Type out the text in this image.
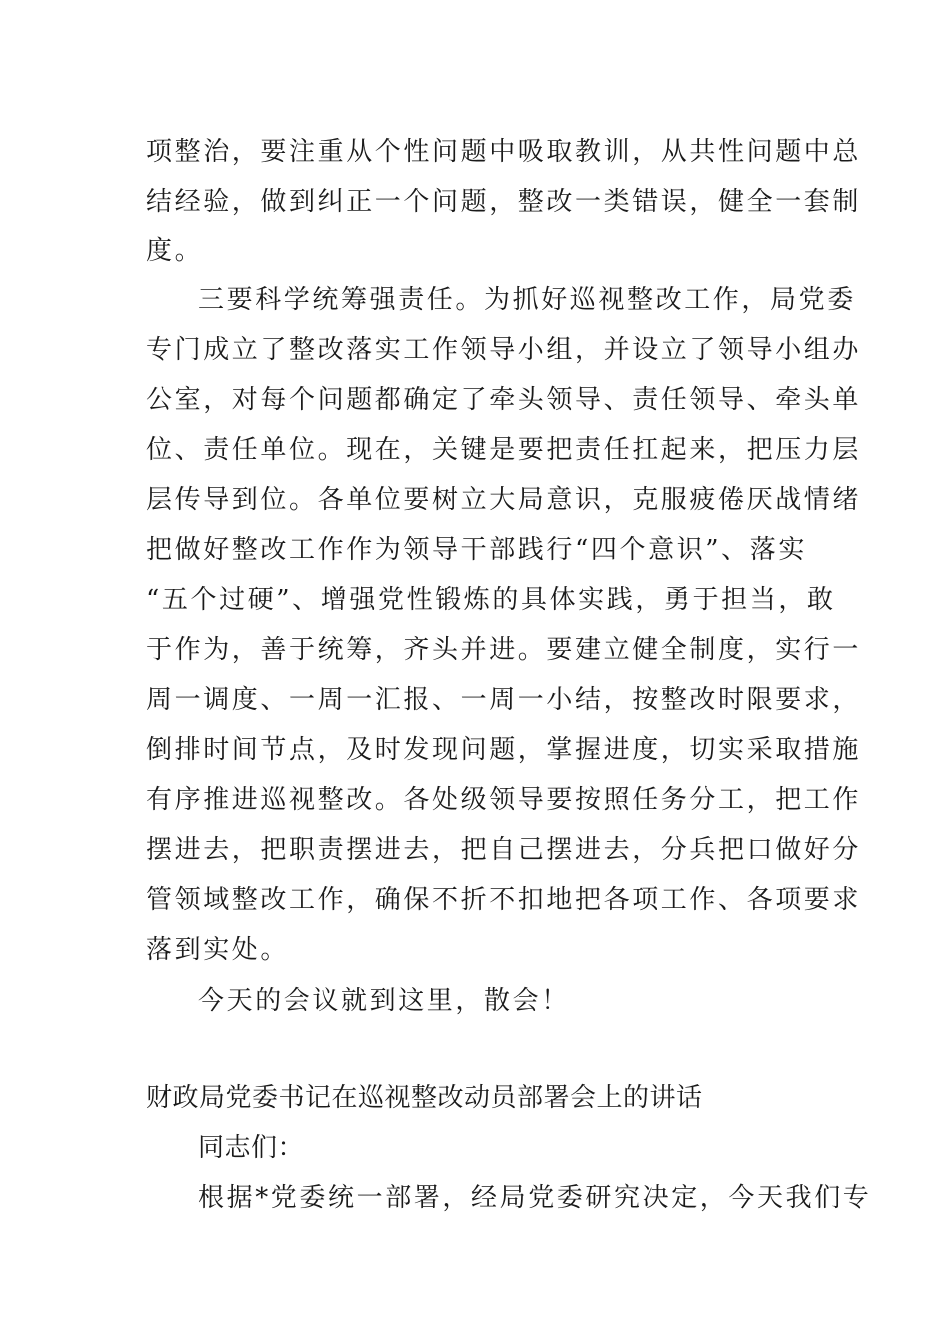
项整治，要注重从个性问题中吸取教训，从共性问题中总
结经验，做到纠正一个问题，整改一类错误，健全一套制
度。
三要科学统筹强责任。为抓好巡视整改工作，局党委
专门成立了整改落实工作领导小组，并设立了领导小组办
公室，对每个问题都确定了牵头领导、责任领导、牵头单
位、责任单位。现在，关键是要把责任扛起来，把压力层
层传导到位。各单位要树立大局意识，克服疲倦厌战情绪
把做好整改工作作为领导干部践行“四个意识”、落实
“五个过硬”、增强党性锻炼的具体实践，勇于担当，敢
于作为，善于统筹，齐头并进。要建立健全制度，实行一
周一调度、一周一汇报、一周一小结，按整改时限要求，
倒排时间节点，及时发现问题，掌握进度，切实采取措施
有序推进巡视整改。各处级领导要按照任务分工，把工作
摆进去，把职责摆进去，把自己摆进去，分兵把口做好分
管领域整改工作，确保不折不扣地把各项工作、各项要求
落到实处。
今天的会议就到这里，散会！
财政局党委书记在巡视整改动员部署会上的讲话
同志们：
根据*党委统一部署，经局党委研究决定，今天我们专
